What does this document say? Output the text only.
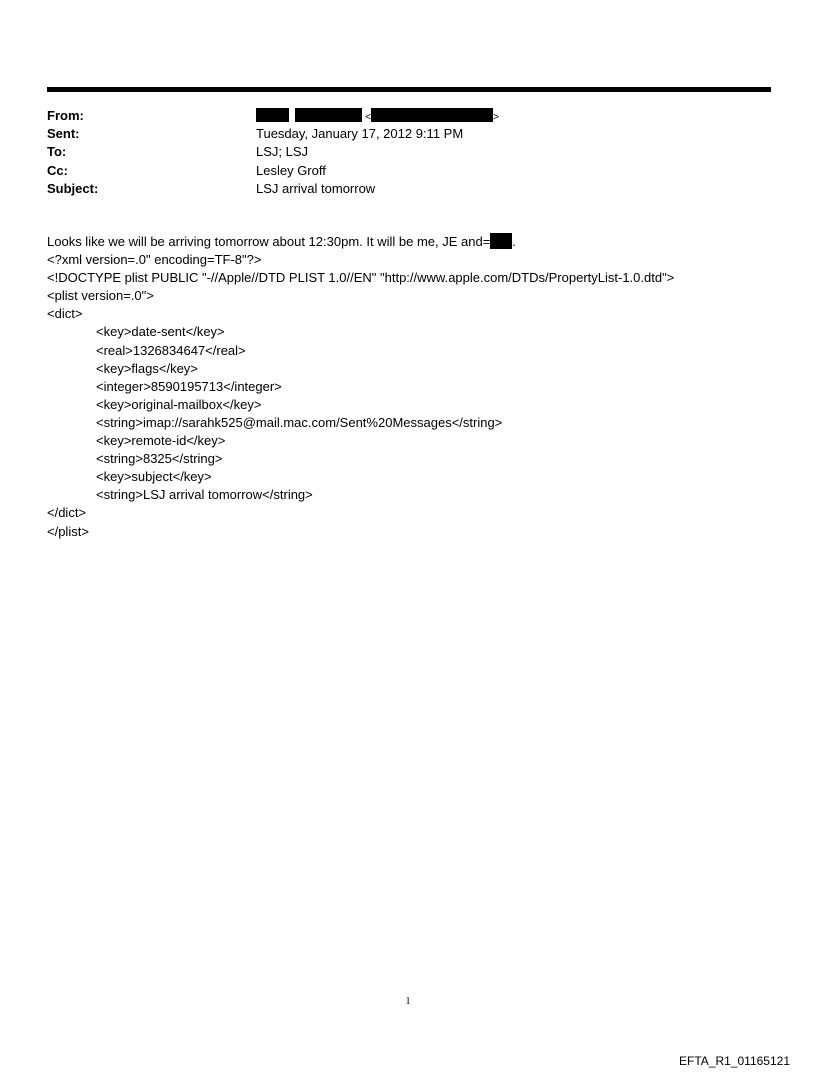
From:	<	>
Sent:	Tuesday, January 17, 2012 9:11 PM
To:	LSJ; LSJ
Cc:	Lesley Groff
Subject:	LSJ arrival tomorrow
Looks like we will be arriving tomorrow about 12:30pm. It will be me, JE and= .
<?xml version=.0" encoding=TF-8"?>
<!DOCTYPE plist PUBLIC "-//Apple//DTD PLIST 1.0//EN" "http://www.apple.com/DTDs/PropertyList-1.0.dtd">
<plist version=.0">
<dict>
<key>date-sent</key>
<real>1326834647</real>
<key>flags</key>
<integer>8590195713</integer>
<key>original-mailbox</key>
<string>imap://sarahk525@mail.mac.com/Sent%20Messages</string>
<key>remote-id</key>
<string>8325</string>
<key>subject</key>
<string>LSJ arrival tomorrow</string>
</dict>
</plist>
1
EFTA_R1_01165121
